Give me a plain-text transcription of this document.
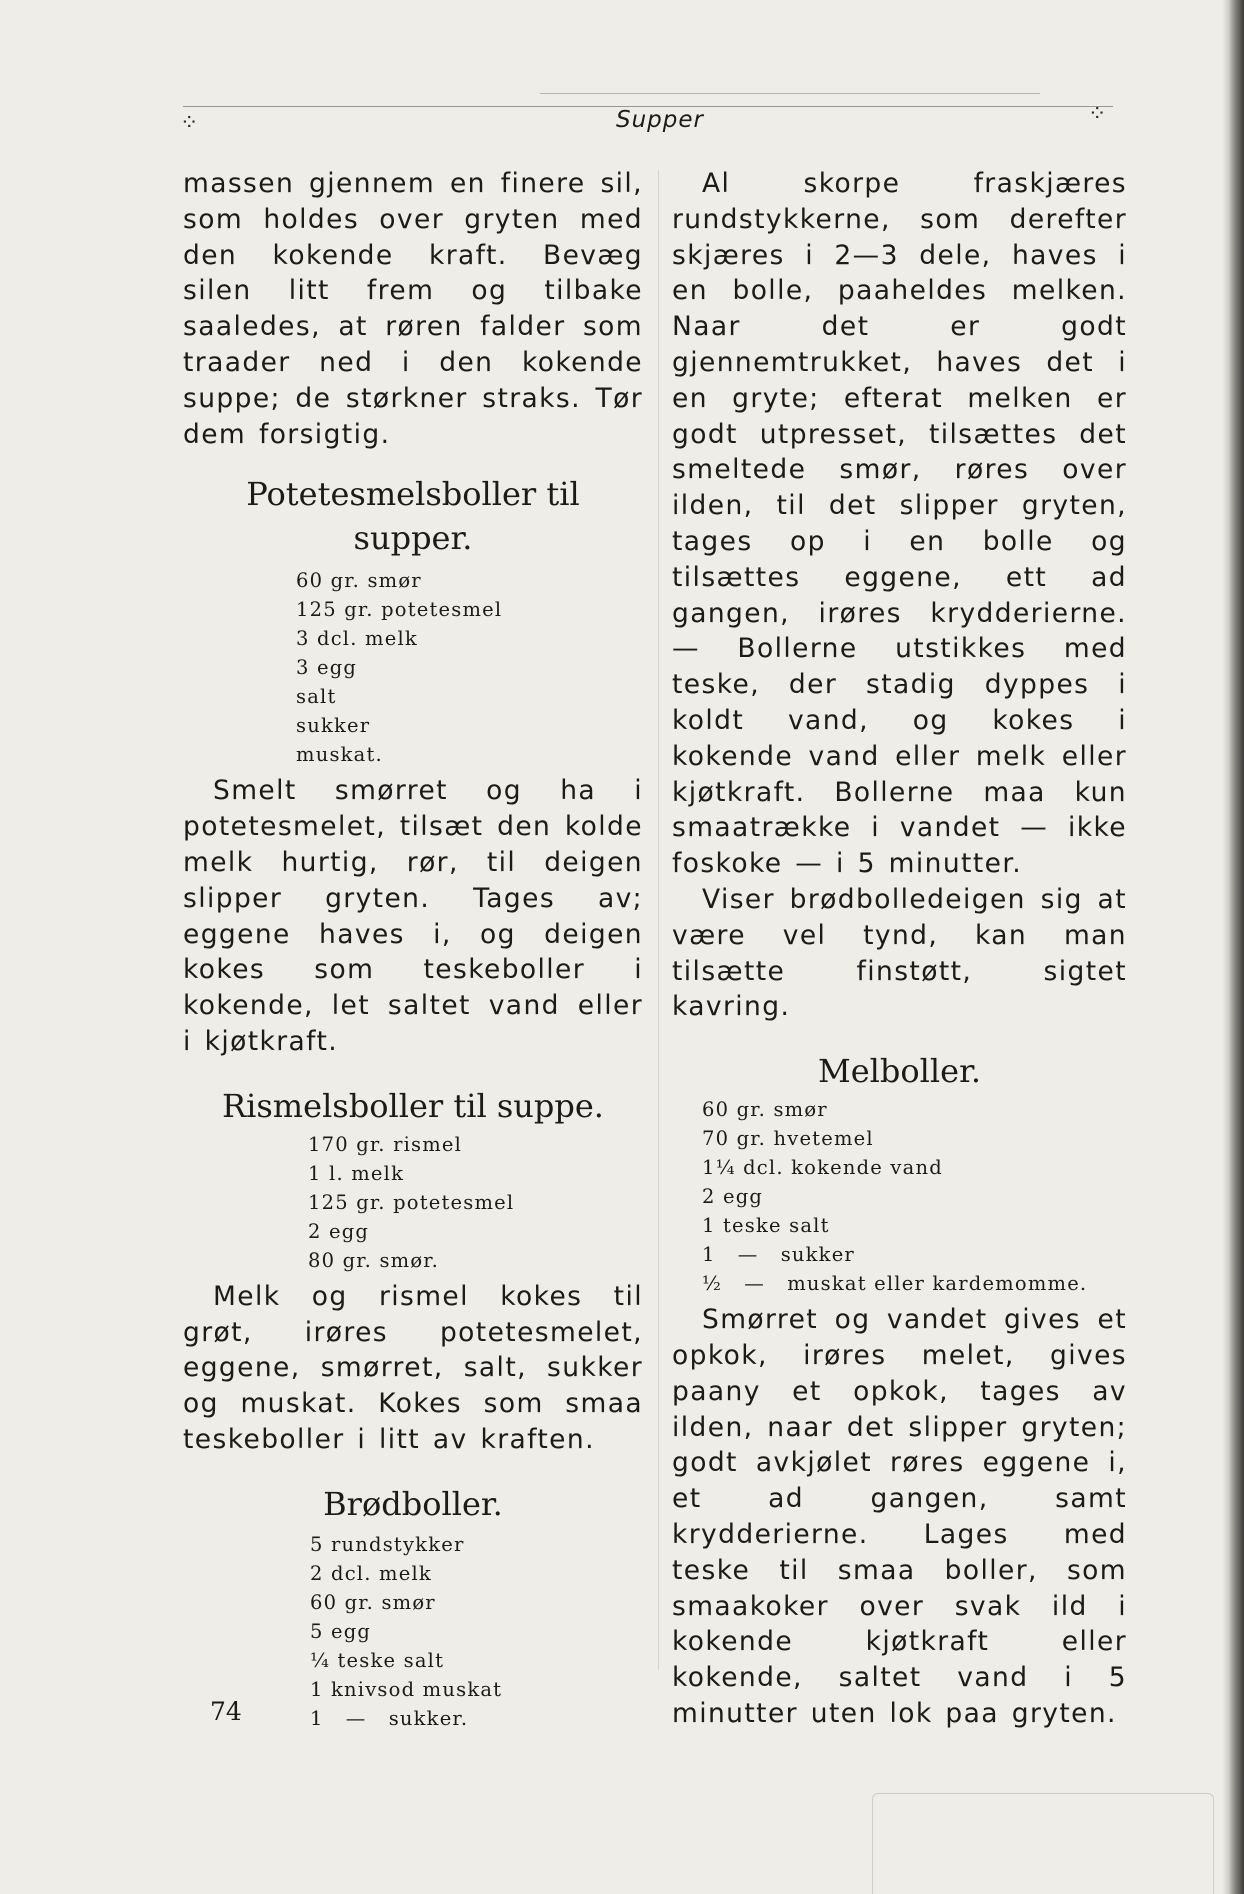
⁘	⁘
Supper

massen gjennem en finere sil, som holdes over gryten med den kokende kraft. Bevæg silen litt frem og tilbake saaledes, at røren falder som traader ned i den kokende suppe; de størkner straks. Tør dem forsigtig.

Potetesmelsboller til
supper.
60 gr. smør
125 gr. potetesmel
3 dcl. melk
3 egg
salt
sukker
muskat.

Smelt smørret og ha i potetesmelet, tilsæt den kolde melk hurtig, rør, til deigen slipper gryten. Tages av; eggene haves i, og deigen kokes som teskeboller i kokende, let saltet vand eller i kjøtkraft.

Rismelsboller til suppe.
170 gr. rismel
1 l. melk
125 gr. potetesmel
2 egg
80 gr. smør.

Melk og rismel kokes til grøt, irøres potetesmelet, eggene, smørret, salt, sukker og muskat. Kokes som smaa teskeboller i litt av kraften.

Brødboller.
5 rundstykker
2 dcl. melk
60 gr. smør
5 egg
¼ teske salt
1 knivsod muskat
1   —   sukker.

Al skorpe fraskjæres rundstykkerne, som derefter skjæres i 2—3 dele, haves i en bolle, paaheldes melken. Naar det er godt gjennemtrukket, haves det i en gryte; efterat melken er godt utpresset, tilsættes det smeltede smør, røres over ilden, til det slipper gryten, tages op i en bolle og tilsættes eggene, ett ad gangen, irøres krydderierne. — Bollerne utstikkes med teske, der stadig dyppes i koldt vand, og kokes i kokende vand eller melk eller kjøtkraft. Bollerne maa kun smaatrække i vandet — ikke foskoke — i 5 minutter.

Viser brødbolledeigen sig at være vel tynd, kan man tilsætte finstøtt, sigtet kavring.

Melboller.
60 gr. smør
70 gr. hvetemel
1¼ dcl. kokende vand
2 egg
1 teske salt
1   —   sukker
½   —   muskat eller kardemomme.

Smørret og vandet gives et opkok, irøres melet, gives paany et opkok, tages av ilden, naar det slipper gryten; godt avkjølet røres eggene i, et ad gangen, samt krydderierne. Lages med teske til smaa boller, som smaakoker over svak ild i kokende kjøtkraft eller kokende, saltet vand i 5 minutter uten lok paa gryten.

74
